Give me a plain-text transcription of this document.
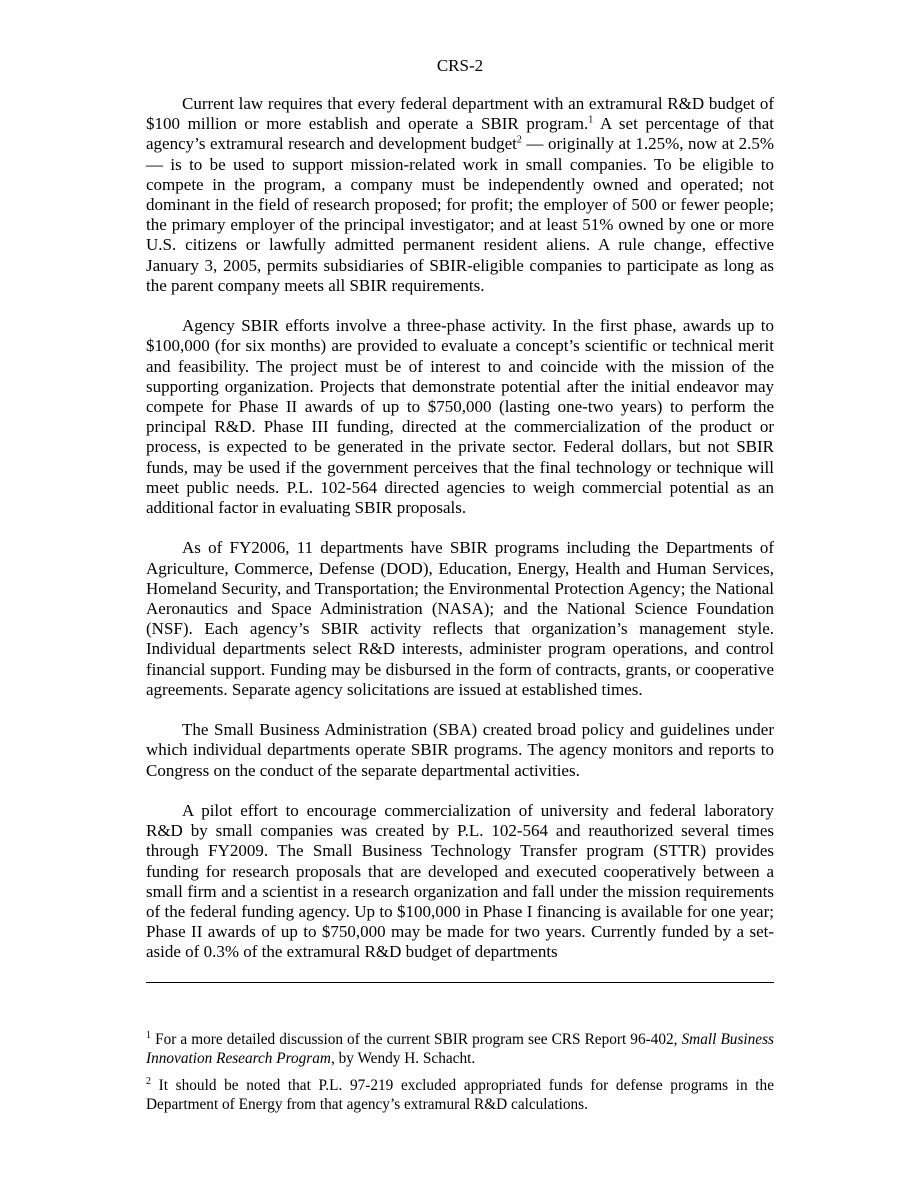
CRS-2

Current law requires that every federal department with an extramural R&D budget of $100 million or more establish and operate a SBIR program.$^1$ A set percentage of that agency’s extramural research and development budget$^2$ — originally at 1.25%, now at 2.5% — is to be used to support mission-related work in small companies. To be eligible to compete in the program, a company must be independently owned and operated; not dominant in the field of research proposed; for profit; the employer of 500 or fewer people; the primary employer of the principal investigator; and at least 51% owned by one or more U.S. citizens or lawfully admitted permanent resident aliens. A rule change, effective January 3, 2005, permits subsidiaries of SBIR-eligible companies to participate as long as the parent company meets all SBIR requirements.

Agency SBIR efforts involve a three-phase activity. In the first phase, awards up to $100,000 (for six months) are provided to evaluate a concept’s scientific or technical merit and feasibility. The project must be of interest to and coincide with the mission of the supporting organization. Projects that demonstrate potential after the initial endeavor may compete for Phase II awards of up to $750,000 (lasting one-two years) to perform the principal R&D. Phase III funding, directed at the commercialization of the product or process, is expected to be generated in the private sector. Federal dollars, but not SBIR funds, may be used if the government perceives that the final technology or technique will meet public needs. P.L. 102-564 directed agencies to weigh commercial potential as an additional factor in evaluating SBIR proposals.

As of FY2006, 11 departments have SBIR programs including the Departments of Agriculture, Commerce, Defense (DOD), Education, Energy, Health and Human Services, Homeland Security, and Transportation; the Environmental Protection Agency; the National Aeronautics and Space Administration (NASA); and the National Science Foundation (NSF). Each agency’s SBIR activity reflects that organization’s management style. Individual departments select R&D interests, administer program operations, and control financial support. Funding may be disbursed in the form of contracts, grants, or cooperative agreements. Separate agency solicitations are issued at established times.

The Small Business Administration (SBA) created broad policy and guidelines under which individual departments operate SBIR programs. The agency monitors and reports to Congress on the conduct of the separate departmental activities.

A pilot effort to encourage commercialization of university and federal laboratory R&D by small companies was created by P.L. 102-564 and reauthorized several times through FY2009. The Small Business Technology Transfer program (STTR) provides funding for research proposals that are developed and executed cooperatively between a small firm and a scientist in a research organization and fall under the mission requirements of the federal funding agency. Up to $100,000 in Phase I financing is available for one year; Phase II awards of up to $750,000 may be made for two years. Currently funded by a set-aside of 0.3% of the extramural R&D budget of departments

$^1$ For a more detailed discussion of the current SBIR program see CRS Report 96-402, Small Business Innovation Research Program, by Wendy H. Schacht.

$^2$ It should be noted that P.L. 97-219 excluded appropriated funds for defense programs in the Department of Energy from that agency’s extramural R&D calculations.
